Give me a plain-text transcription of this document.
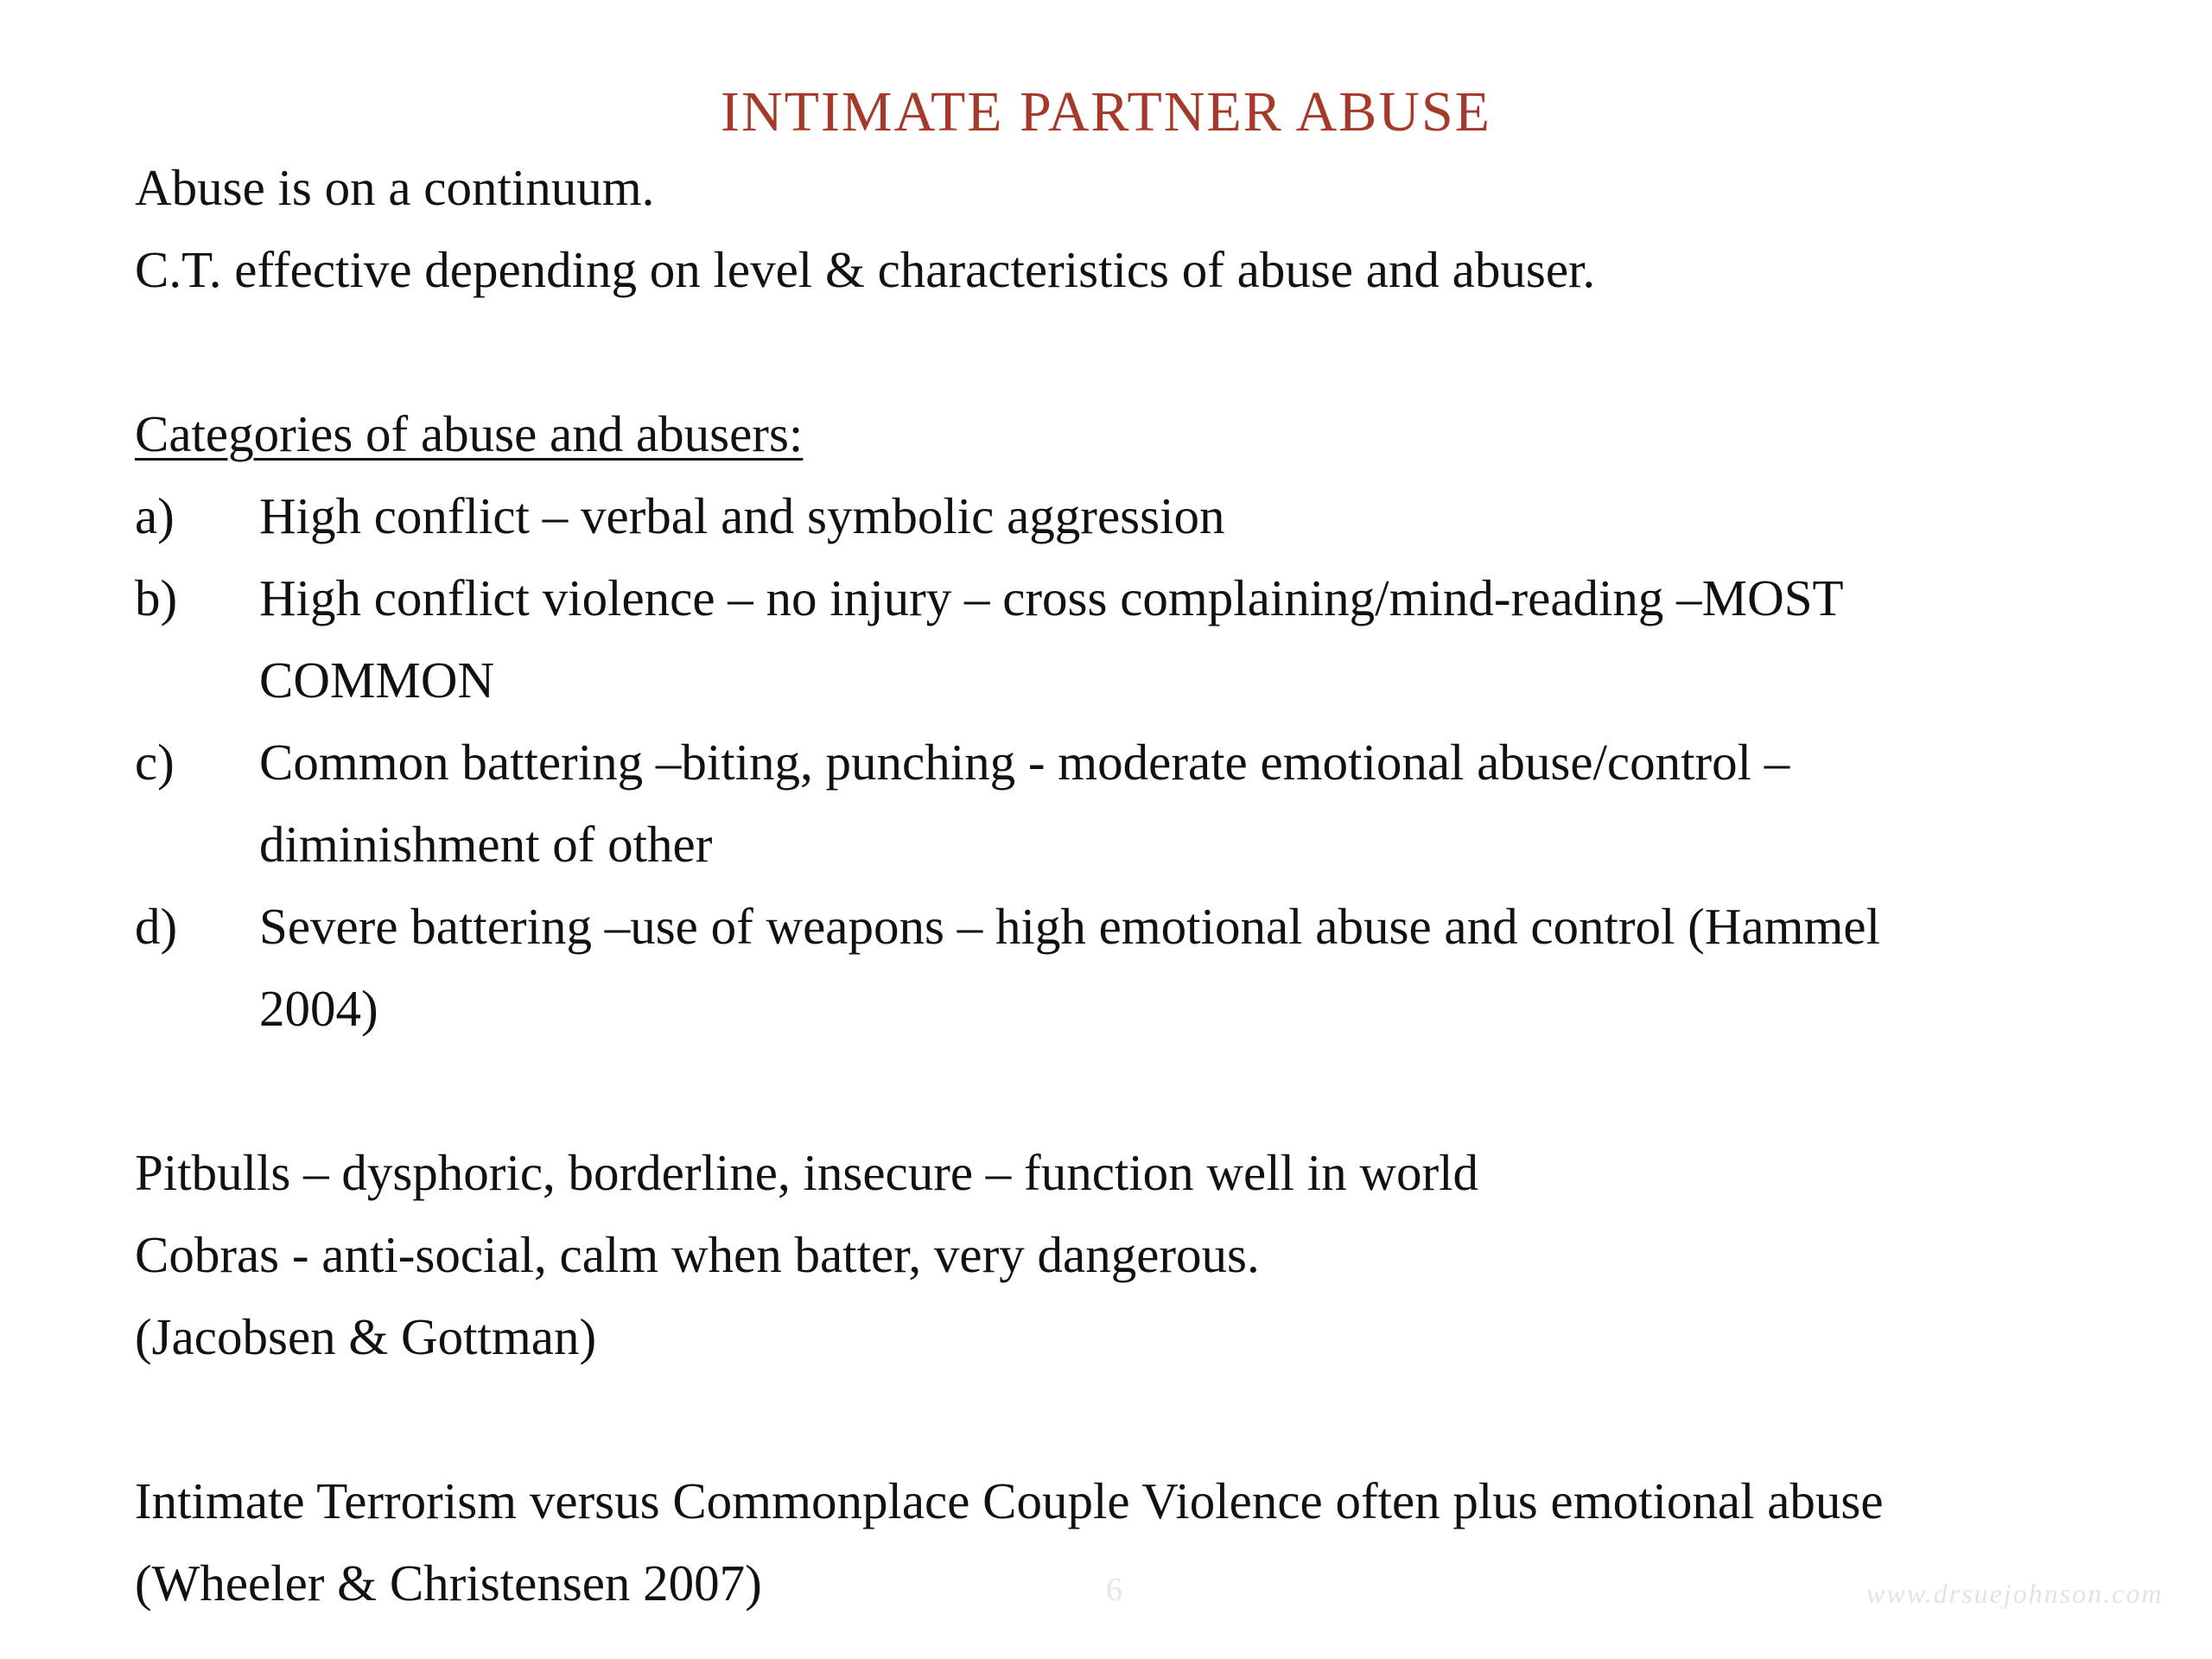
INTIMATE PARTNER ABUSE
Abuse is on a continuum.
C.T. effective depending on level & characteristics of abuse and abuser.
Categories of abuse and abusers:
a) High conflict – verbal and symbolic aggression
b) High conflict violence – no injury – cross complaining/mind-reading –MOST
COMMON
c) Common battering –biting, punching - moderate emotional abuse/control –
diminishment of other
d) Severe battering –use of weapons – high emotional abuse and control (Hammel
2004)
Pitbulls – dysphoric, borderline, insecure – function well in world
Cobras - anti-social, calm when batter, very dangerous.
(Jacobsen & Gottman)
Intimate Terrorism versus Commonplace Couple Violence often plus emotional abuse
(Wheeler & Christensen 2007)	6	www.drsuejohnson.com
